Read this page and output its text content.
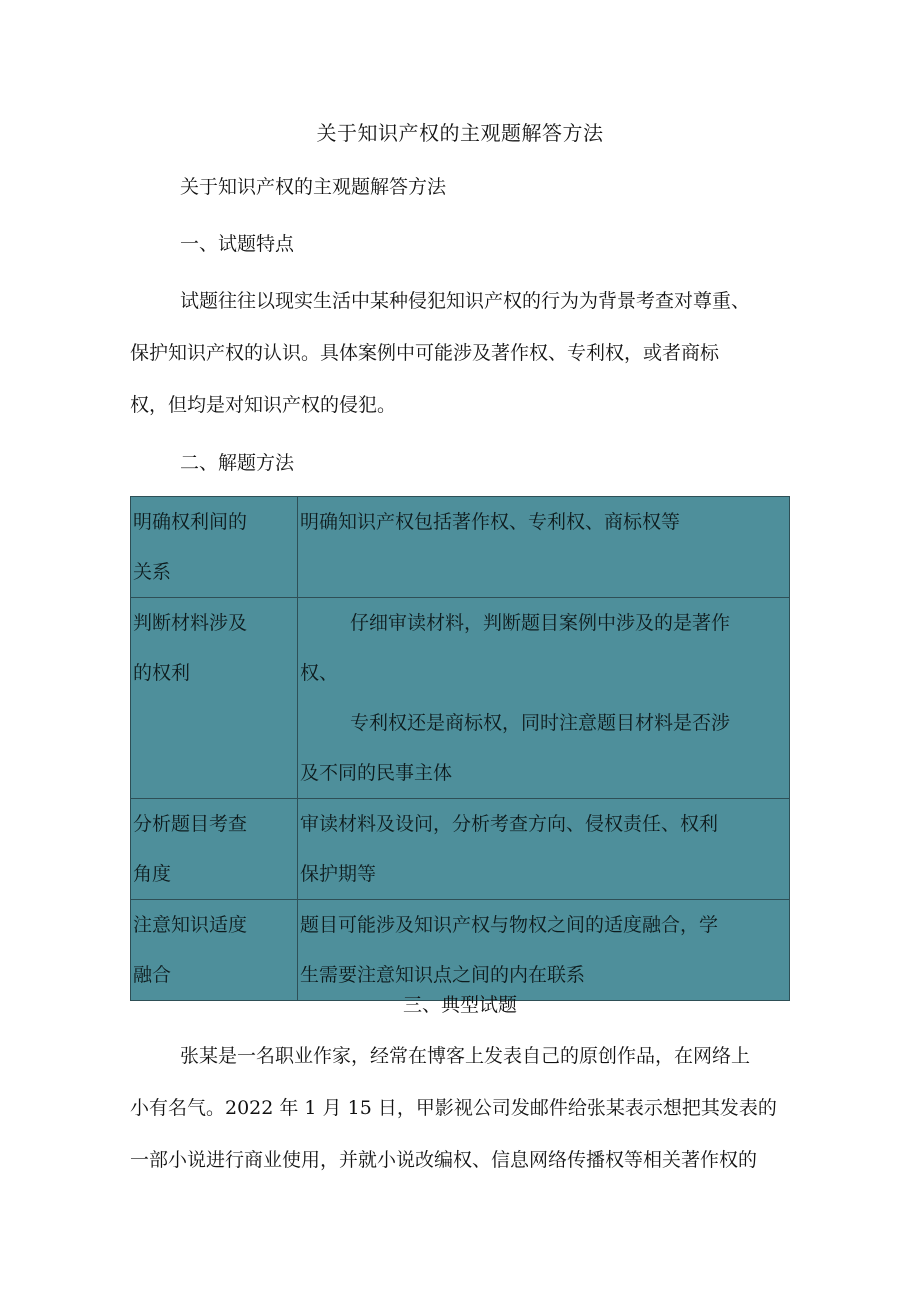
关于知识产权的主观题解答方法
关于知识产权的主观题解答方法
一、试题特点
试题往往以现实生活中某种侵犯知识产权的行为为背景考查对尊重、
保护知识产权的认识。具体案例中可能涉及著作权、专利权，或者商标
权，但均是对知识产权的侵犯。
二、解题方法
明确权利间的
关系	明确知识产权包括著作权、专利权、商标权等

判断材料涉及
的权利	仔细审读材料，判断题目案例中涉及的是著作
权、
专利权还是商标权，同时注意题目材料是否涉
及不同的民事主体

分析题目考查
角度	审读材料及设问，分析考查方向、侵权责任、权利
保护期等

注意知识适度
融合	题目可能涉及知识产权与物权之间的适度融合，学
生需要注意知识点之间的内在联系
三、典型试题
张某是一名职业作家，经常在博客上发表自己的原创作品，在网络上
小有名气。2022 年 1 月 15 日，甲影视公司发邮件给张某表示想把其发表的
一部小说进行商业使用，并就小说改编权、信息网络传播权等相关著作权的
